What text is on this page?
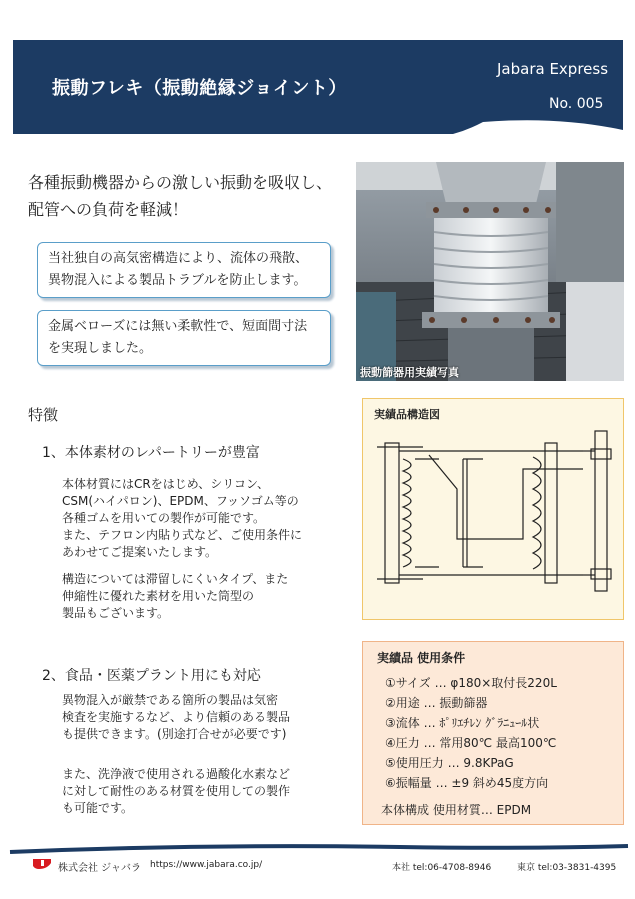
振動フレキ（振動絶縁ジョイント）
Jabara Express
No. 005
各種振動機器からの激しい振動を吸収し、
配管への負荷を軽減！
当社独自の高気密構造により、流体の飛散、
異物混入による製品トラブルを防止します。
金属ベローズには無い柔軟性で、短面間寸法
を実現しました。
振動篩器用実績写真
特徴
1、本体素材のレパートリーが豊富
本体材質にはCRをはじめ、シリコン、
CSM(ハイパロン)、EPDM、フッソゴム等の
各種ゴムを用いての製作が可能です。
また、テフロン内貼り式など、ご使用条件に
あわせてご提案いたします。
構造については滞留しにくいタイプ、また
伸縮性に優れた素材を用いた筒型の
製品もございます。
2、食品・医薬プラント用にも対応
異物混入が厳禁である箇所の製品は気密
検査を実施するなど、より信頼のある製品
も提供できます。(別途打合せが必要です)
また、洗浄液で使用される過酸化水素など
に対して耐性のある材質を使用しての製作
も可能です。
実績品構造図
実績品 使用条件
①サイズ … φ180×取付長220L
②用途 … 振動篩器
③流体 … ﾎﾟﾘｴﾁﾚﾝ ｸﾞﾗﾆｭｰﾙ状
④圧力 … 常用80℃ 最高100℃
⑤使用圧力 … 9.8KPaG
⑥振幅量 … ±9 斜め45度方向
本体構成 使用材質… EPDM
株式会社 ジャバラ https://www.jabara.co.jp/	本社 tel:06-4708-8946	東京 tel:03-3831-4395
